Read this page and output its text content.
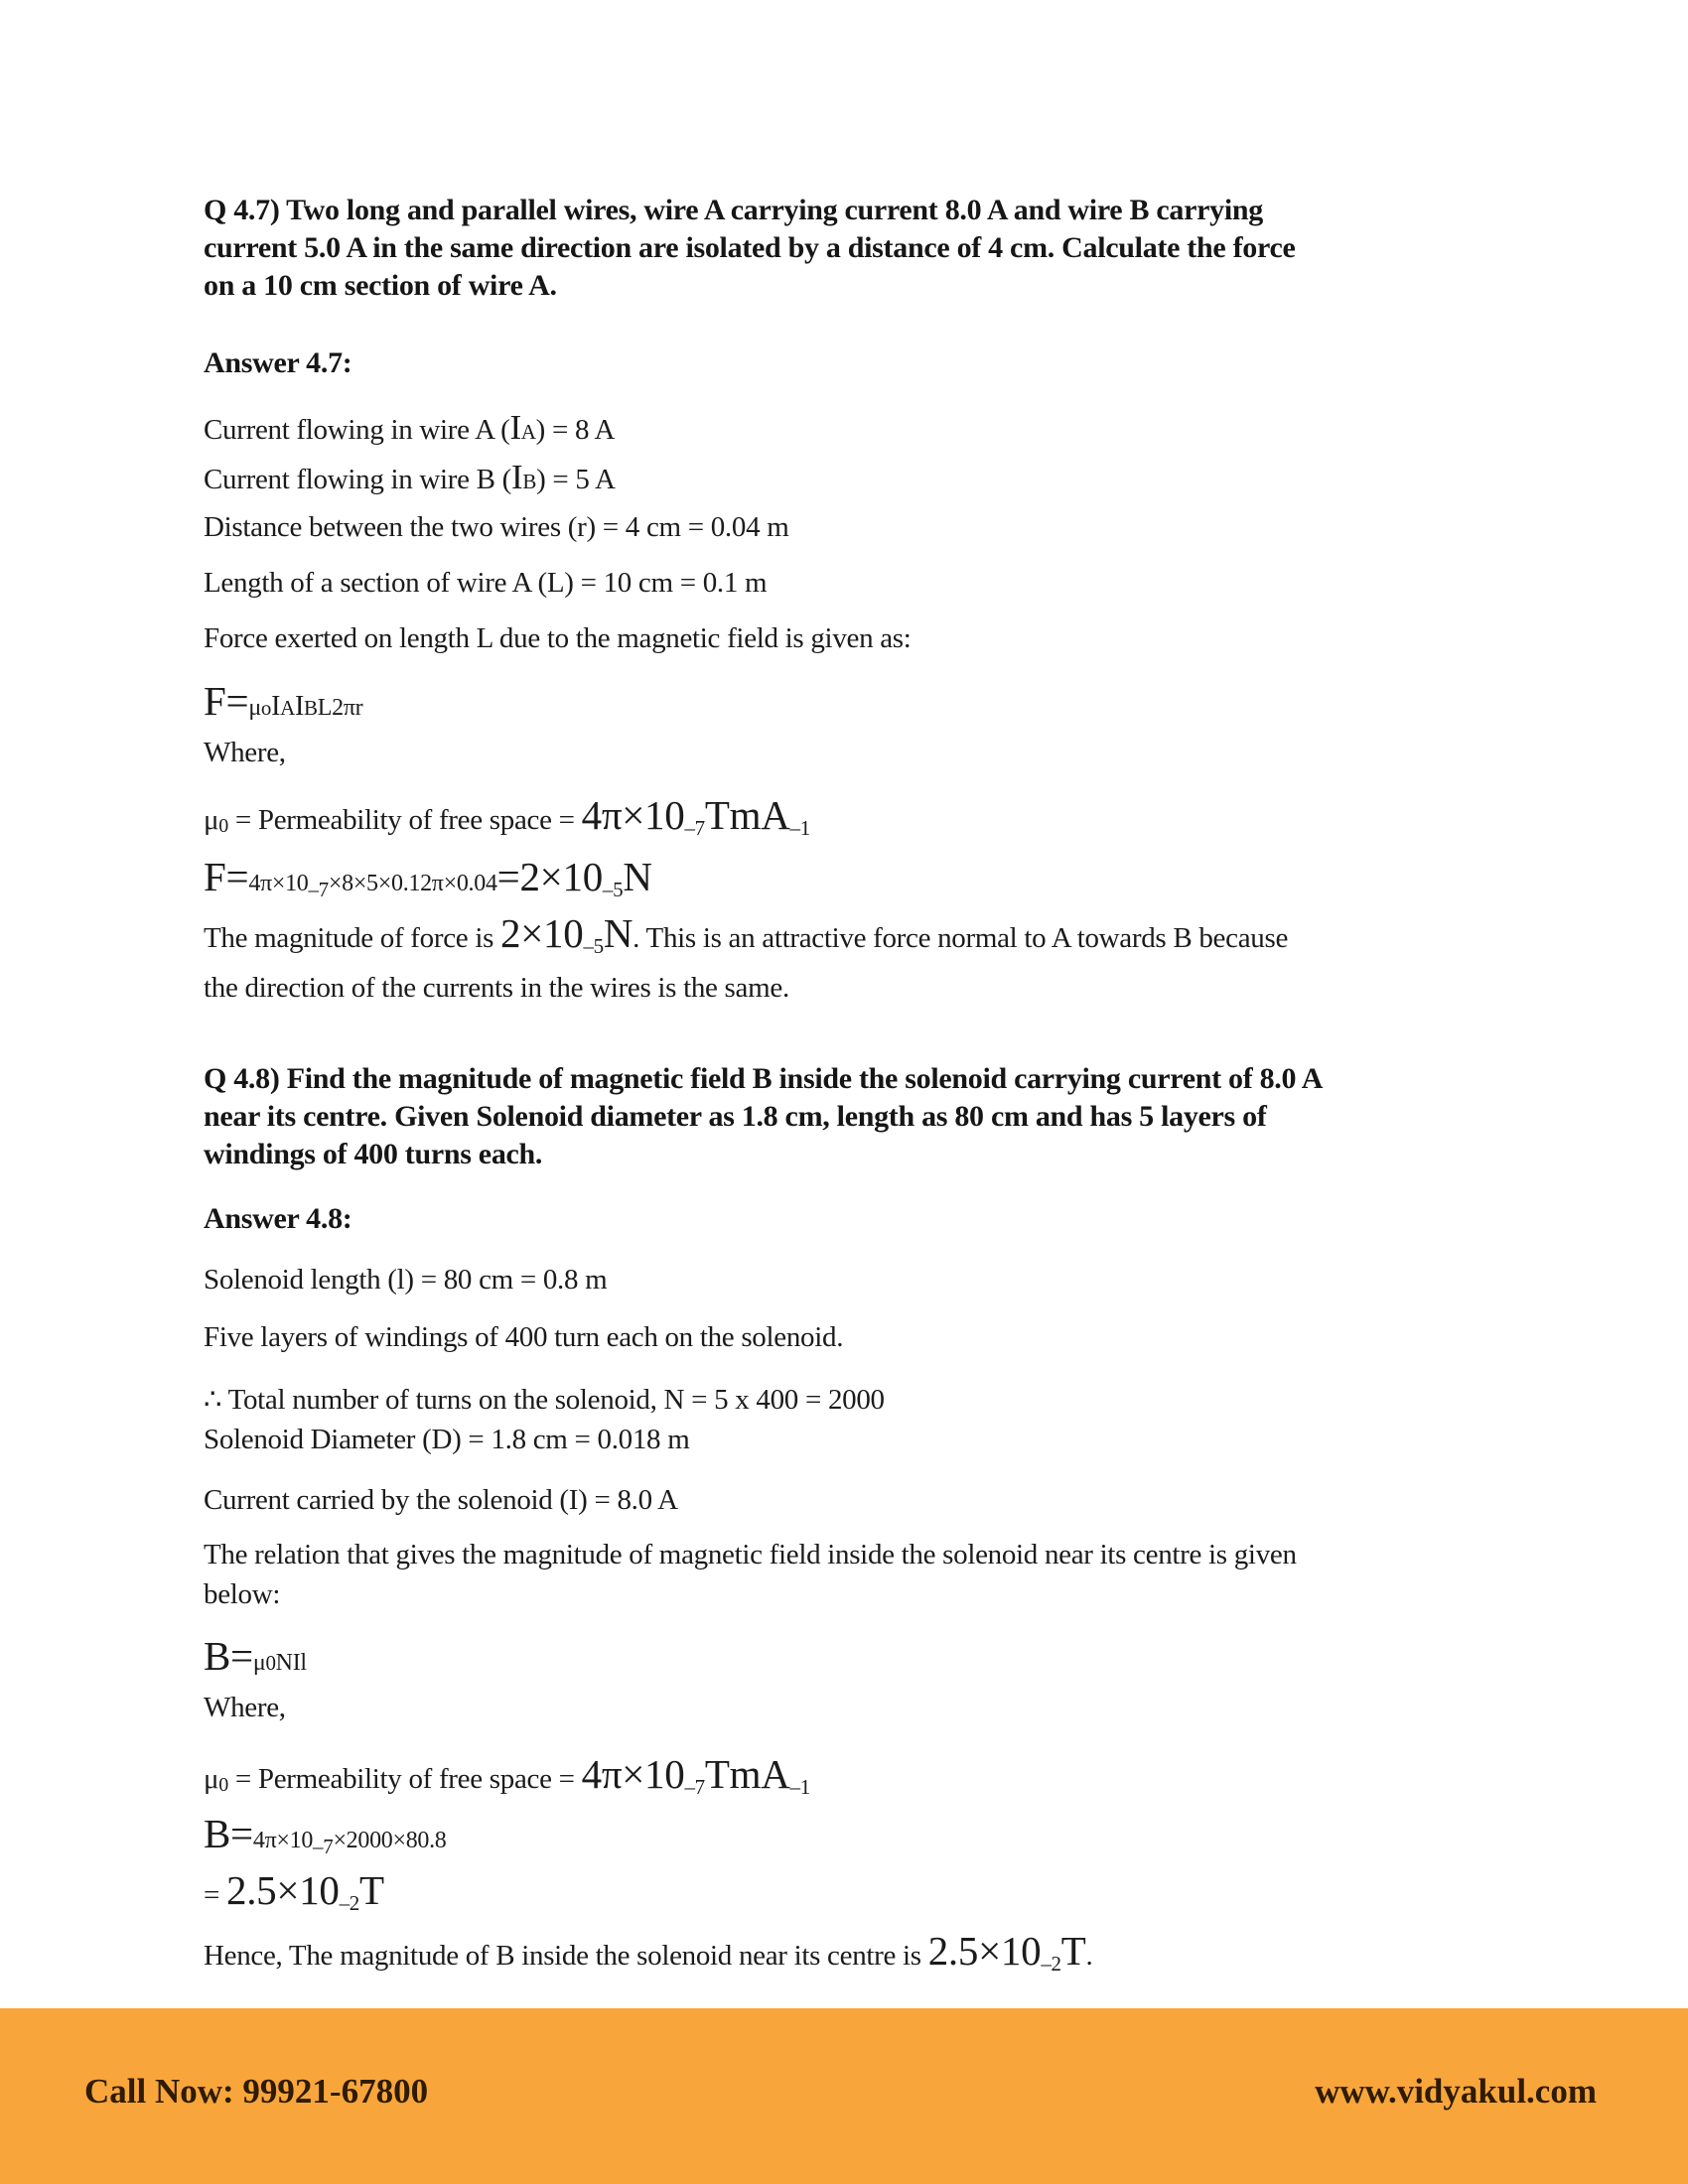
Q 4.7) Two long and parallel wires, wire A carrying current 8.0 A and wire B carrying
current 5.0 A in the same direction are isolated by a distance of 4 cm. Calculate the force
on a 10 cm section of wire A.
Answer 4.7:
Current flowing in wire A (IA) = 8 A
Current flowing in wire B (IB) = 5 A
Distance between the two wires (r) = 4 cm = 0.04 m
Length of a section of wire A (L) = 10 cm = 0.1 m
Force exerted on length L due to the magnetic field is given as:
F=μoIAIBL2πr
Where,
μ0 = Permeability of free space = $4\pi\times 10_{-7}TmA_{-1}$
$F=4\pi\times 10_{-7}\times 8\times 5\times 0.12\pi\times 0.04=2\times 10_{-5}N$
The magnitude of force is $2\times 10_{-5}N$. This is an attractive force normal to A towards B because
the direction of the currents in the wires is the same.
Q 4.8) Find the magnitude of magnetic field B inside the solenoid carrying current of 8.0 A
near its centre. Given Solenoid diameter as 1.8 cm, length as 80 cm and has 5 layers of
windings of 400 turns each.
Answer 4.8:
Solenoid length (l) = 80 cm = 0.8 m
Five layers of windings of 400 turn each on the solenoid.
∴ Total number of turns on the solenoid, N = 5 x 400 = 2000
Solenoid Diameter (D) = 1.8 cm = 0.018 m
Current carried by the solenoid (I) = 8.0 A
The relation that gives the magnitude of magnetic field inside the solenoid near its centre is given
below:
B=μ0NIl
Where,
μ0 = Permeability of free space = $4\pi\times 10_{-7}TmA_{-1}$
$B=4\pi\times 10_{-7}\times 2000\times 80.8$
= $2.5\times 10_{-2}T$
Hence, The magnitude of B inside the solenoid near its centre is $2.5\times 10_{-2}T$.
Call Now: 99921-67800	www.vidyakul.com
